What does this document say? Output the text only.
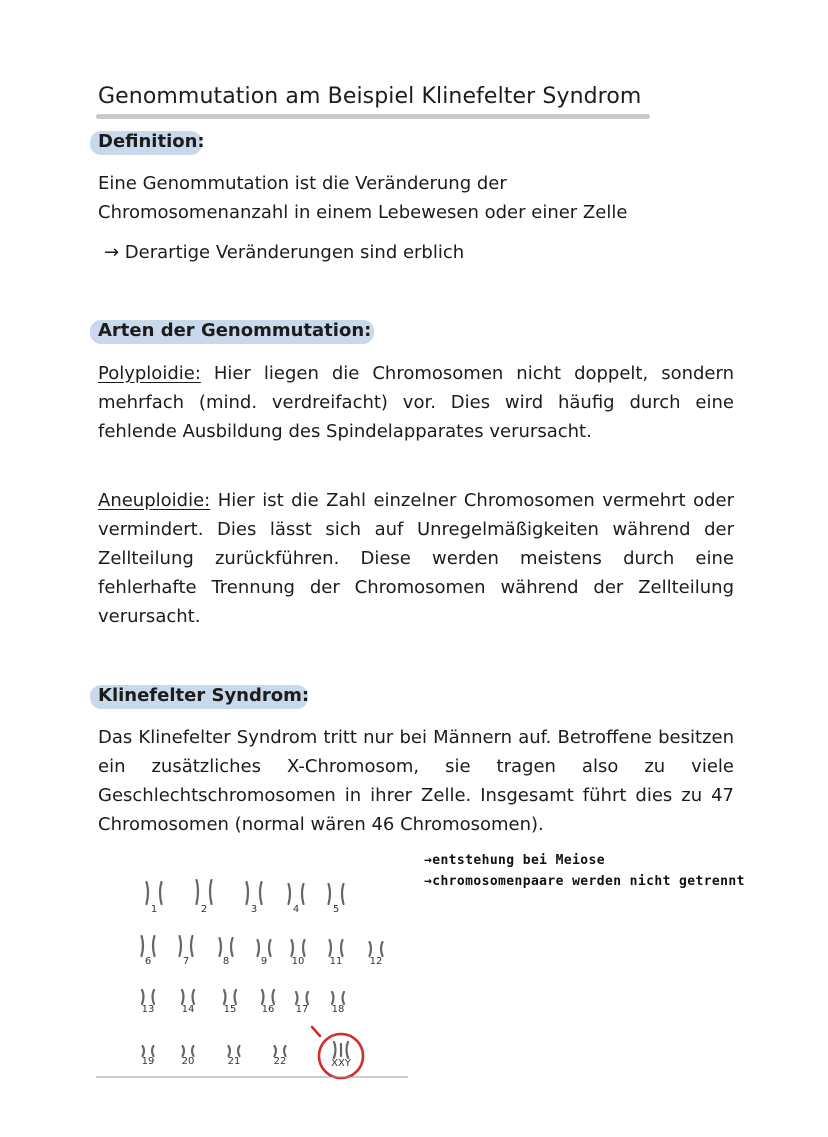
Genommutation am Beispiel Klinefelter Syndrom
Definition:
Eine Genommutation ist die Veränderung der
Chromosomenanzahl in einem Lebewesen oder einer Zelle
→ Derartige Veränderungen sind erblich
Arten der Genommutation:
Polyploidie: Hier liegen die Chromosomen nicht doppelt, sondern mehrfach (mind. verdreifacht) vor. Dies wird häufig durch eine fehlende Ausbildung des Spindelapparates verursacht.
Aneuploidie: Hier ist die Zahl einzelner Chromosomen vermehrt oder vermindert. Dies lässt sich auf Unregelmäßigkeiten während der Zellteilung zurückführen. Diese werden meistens durch eine fehlerhafte Trennung der Chromosomen während der Zellteilung verursacht.
Klinefelter Syndrom:
Das Klinefelter Syndrom tritt nur bei Männern auf. Betroffene besitzen ein zusätzliches X-Chromosom, sie tragen also zu viele Geschlechtschromosomen in ihrer Zelle. Insgesamt führt dies zu 47 Chromosomen (normal wären 46 Chromosomen).
→entstehung bei Meiose
→chromosomenpaare werden nicht getrennt
1	2	3	4	5
6	7	8	9 10	11	12
13	14	15	16 17 18
19	20	21	22	XXY
